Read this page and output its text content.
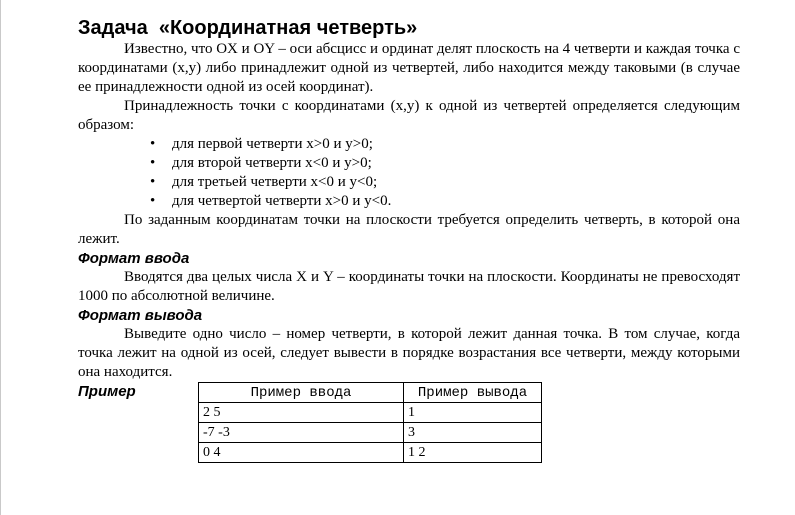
Задача  «Координатная четверть»
Известно, что OX и OY – оси абсцисс и ординат делят плоскость на 4 четверти и каждая точка с координатами (x,y) либо принадлежит одной из четвертей, либо находится между таковыми (в случае ее принадлежности одной из осей координат).
Принадлежность точки с координатами (x,y) к одной из четвертей определяется следующим образом:
• для первой четверти x>0 и y>0;
• для второй четверти x<0 и y>0;
• для третьей четверти x<0 и y<0;
• для четвертой четверти x>0 и y<0.
По заданным координатам точки на плоскости требуется определить четверть, в которой она лежит.
Формат ввода
Вводятся два целых числа X и Y – координаты точки на плоскости. Координаты не превосходят 1000 по абсолютной величине.
Формат вывода
Выведите одно число – номер четверти, в которой лежит данная точка. В том случае, когда точка лежит на одной из осей, следует вывести в порядке возрастания все четверти, между которыми она находится.
Пример	Пример ввода	Пример вывода
2 5	1
-7 -3	3
0 4	1 2
